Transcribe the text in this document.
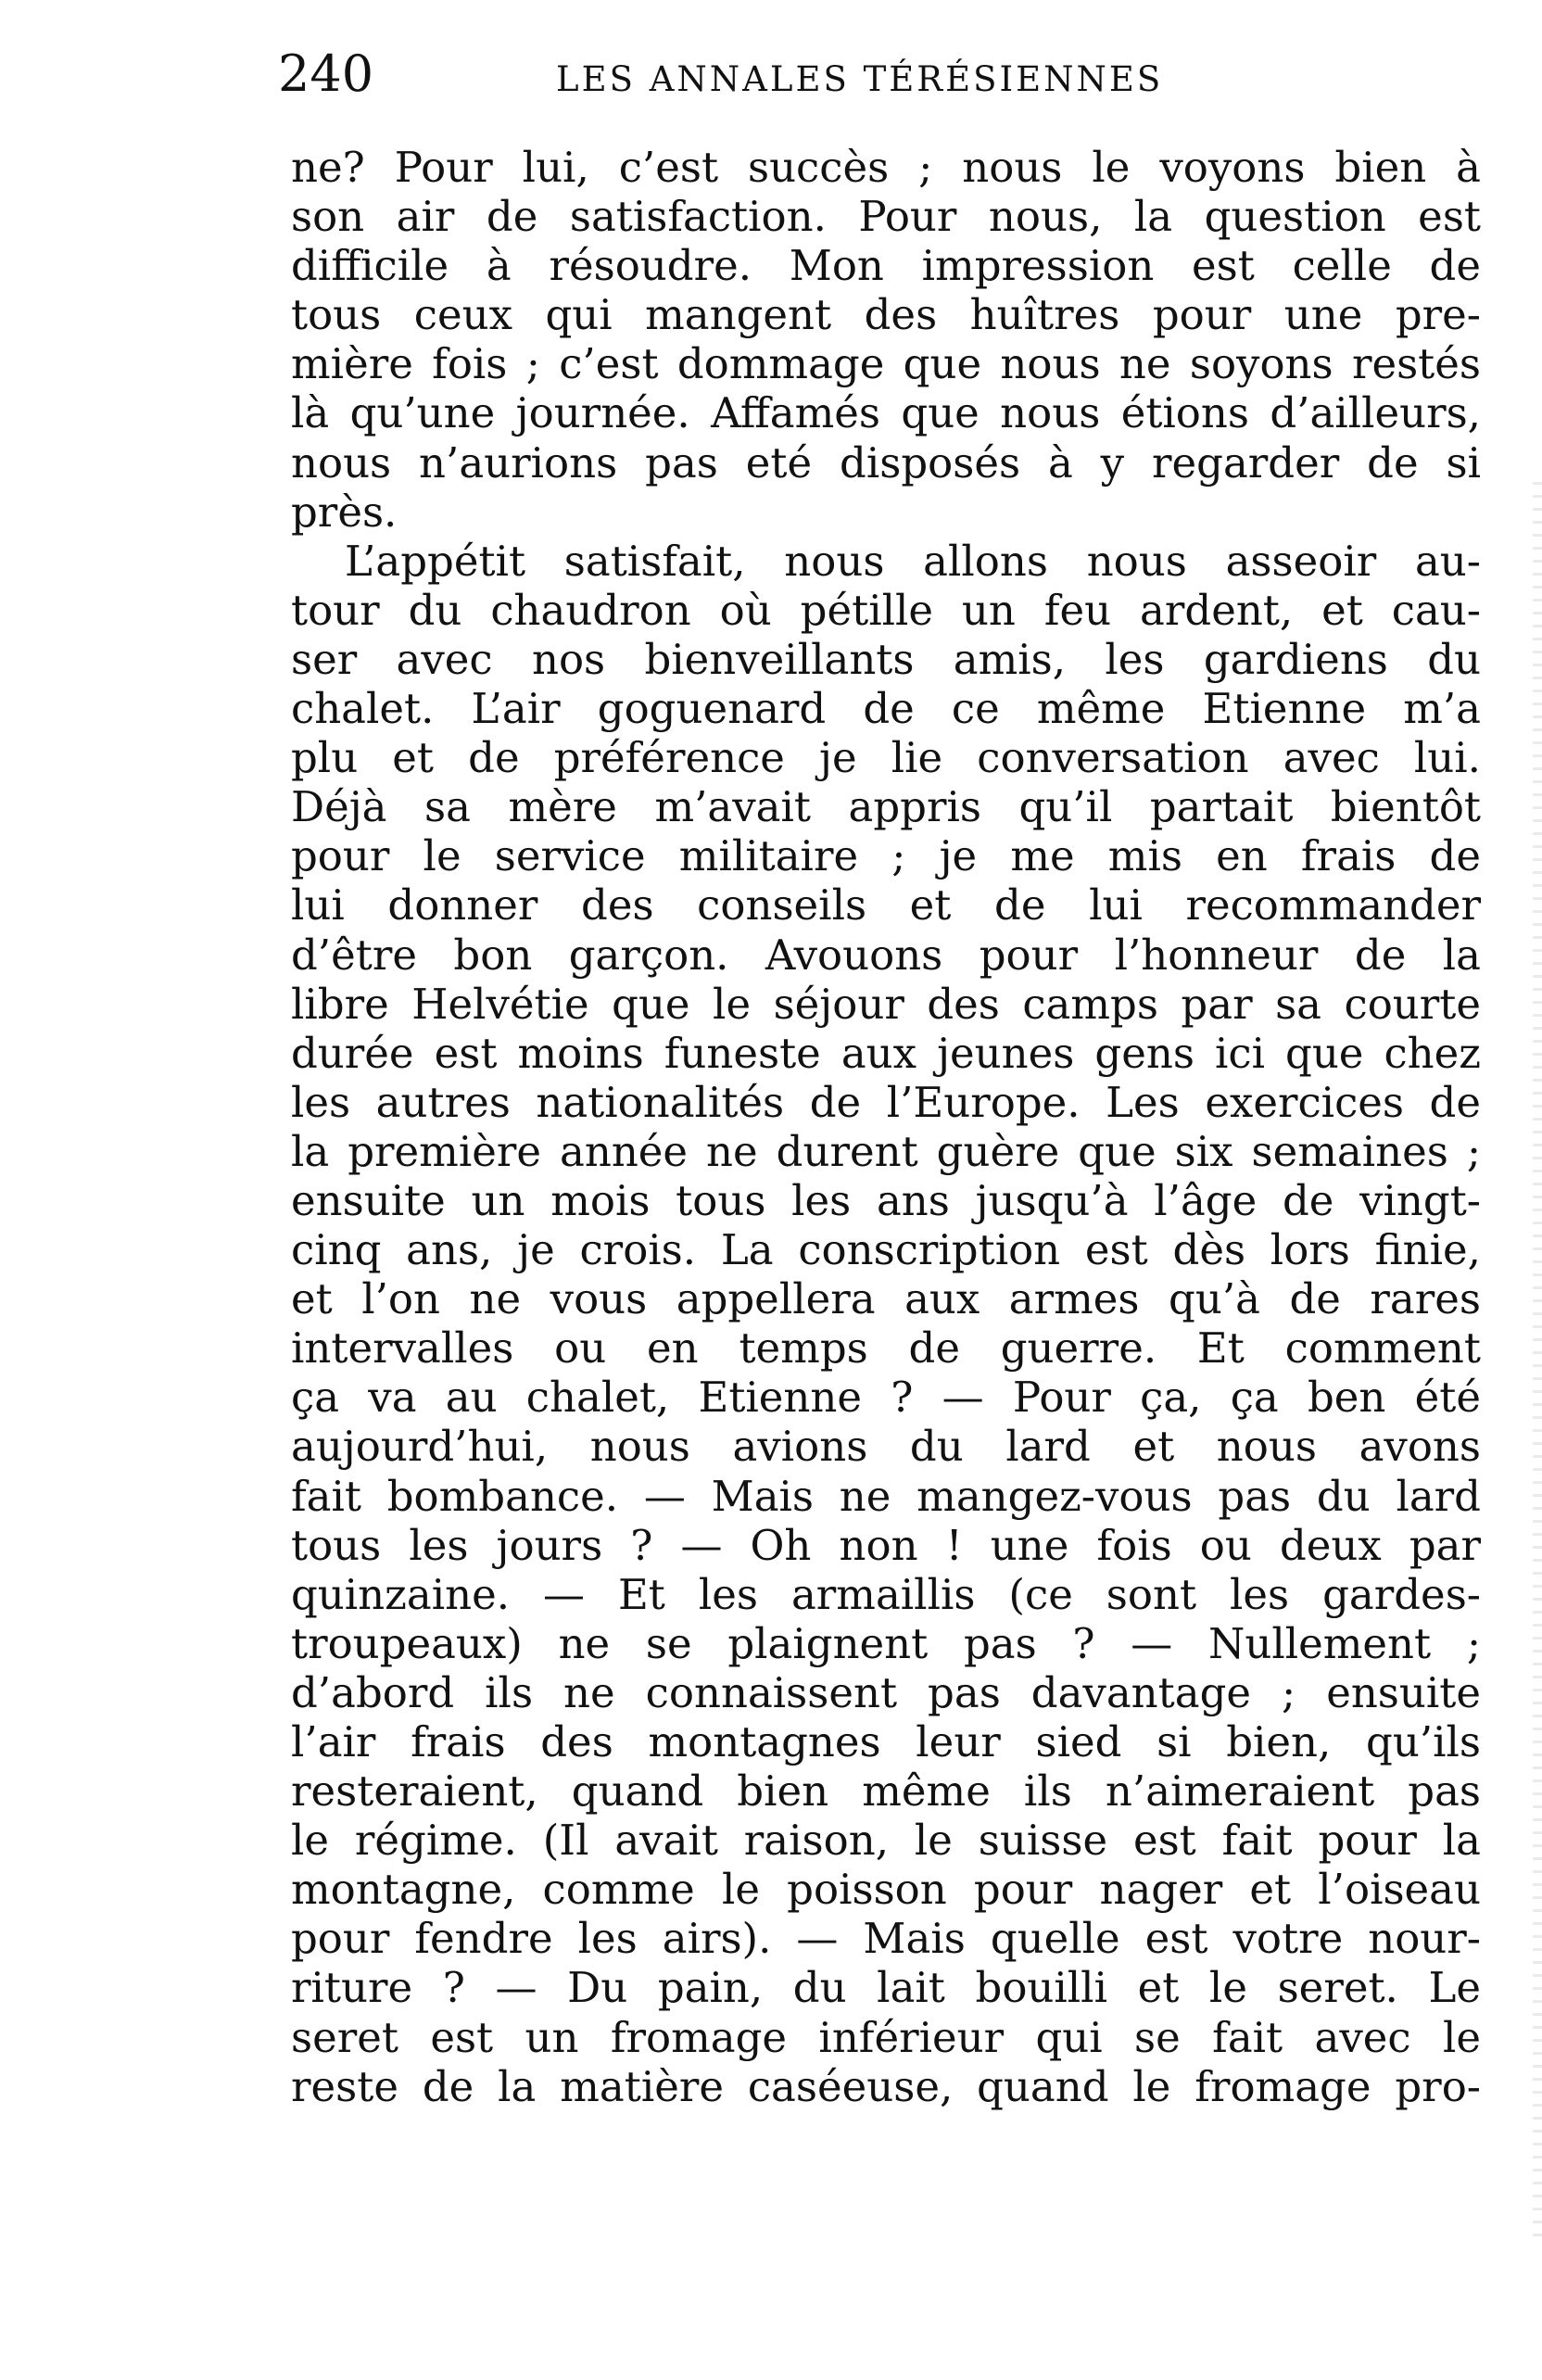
240	LES ANNALES TÉRÉSIENNES
ne? Pour lui, c’est succès ; nous le voyons bien à
son air de satisfaction. Pour nous, la question est
difficile à résoudre. Mon impression est celle de
tous ceux qui mangent des huîtres pour une pre-
mière fois ; c’est dommage que nous ne soyons restés
là qu’une journée. Affamés que nous étions d’ailleurs,
nous n’aurions pas eté disposés à y regarder de si
près.
L’appétit satisfait, nous allons nous asseoir au-
tour du chaudron où pétille un feu ardent, et cau-
ser avec nos bienveillants amis, les gardiens du
chalet. L’air goguenard de ce même Etienne m’a
plu et de préférence je lie conversation avec lui.
Déjà sa mère m’avait appris qu’il partait bientôt
pour le service militaire ; je me mis en frais de
lui donner des conseils et de lui recommander
d’être bon garçon. Avouons pour l’honneur de la
libre Helvétie que le séjour des camps par sa courte
durée est moins funeste aux jeunes gens ici que chez
les autres nationalités de l’Europe. Les exercices de
la première année ne durent guère que six semaines ;
ensuite un mois tous les ans jusqu’à l’âge de vingt-
cinq ans, je crois. La conscription est dès lors finie,
et l’on ne vous appellera aux armes qu’à de rares
intervalles ou en temps de guerre. Et comment
ça va au chalet, Etienne ? — Pour ça, ça ben été
aujourd’hui, nous avions du lard et nous avons
fait bombance. — Mais ne mangez-vous pas du lard
tous les jours ? — Oh non ! une fois ou deux par
quinzaine. — Et les armaillis (ce sont les gardes-
troupeaux) ne se plaignent pas ? — Nullement ;
d’abord ils ne connaissent pas davantage ; ensuite
l’air frais des montagnes leur sied si bien, qu’ils
resteraient, quand bien même ils n’aimeraient pas
le régime. (Il avait raison, le suisse est fait pour la
montagne, comme le poisson pour nager et l’oiseau
pour fendre les airs). — Mais quelle est votre nour-
riture ? — Du pain, du lait bouilli et le seret. Le
seret est un fromage inférieur qui se fait avec le
reste de la matière caséeuse, quand le fromage pro-
